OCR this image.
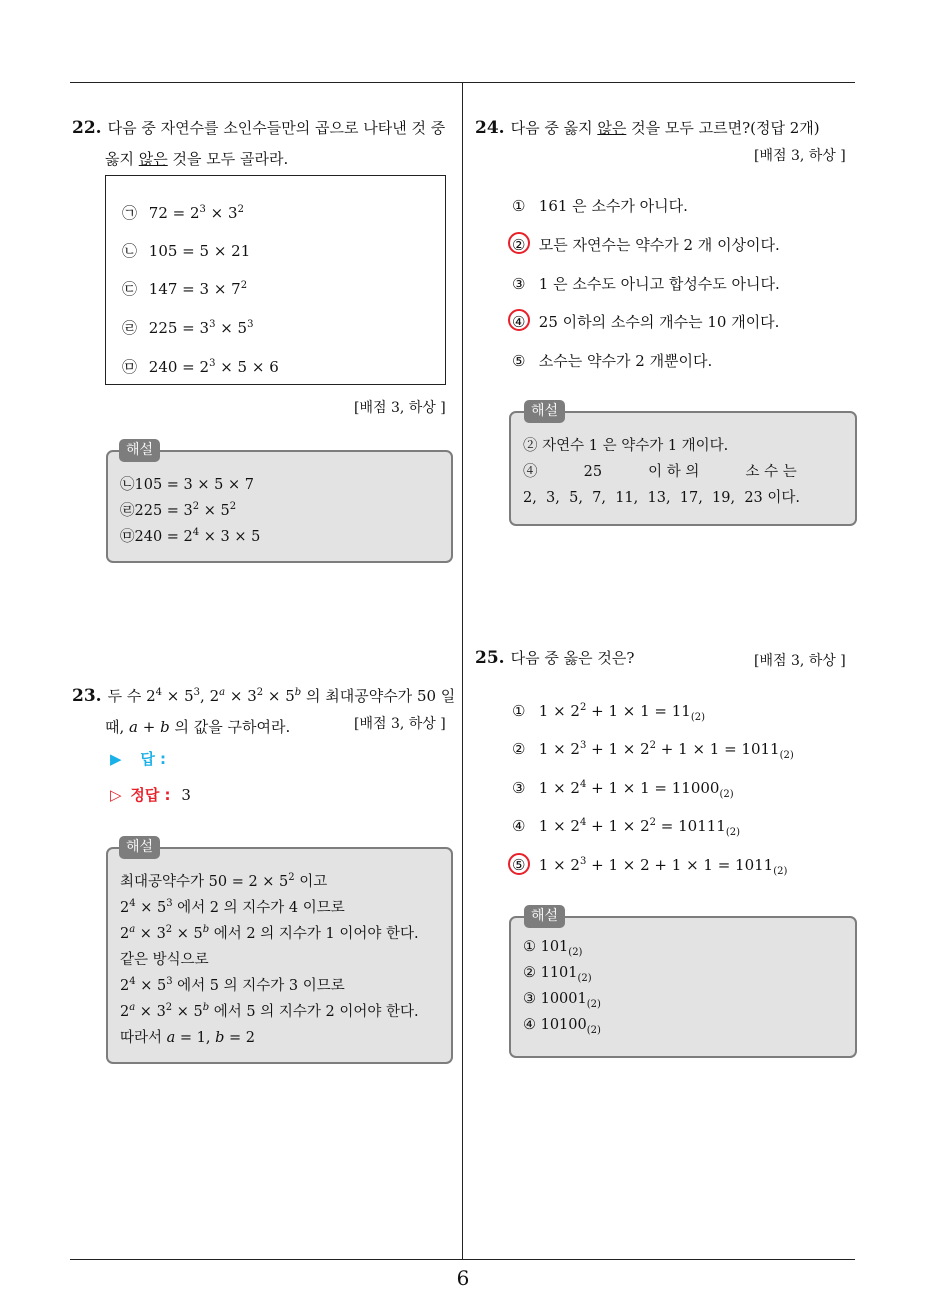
22. 다음 중 자연수를 소인수들만의 곱으로 나타낸 것 중
옳지 않은 것을 모두 골라라.
㉠ $72 = 2^3 \times 3^2$
㉡ 105 = 5 × 21
㉢ $147 = 3 \times 7^2$
㉣ $225 = 3^3 \times 5^3$
㉤ $240 = 2^3 \times 5 \times 6$
[배점 3, 하상 ]
㉡105 = 3 × 5 × 7
㉣225 = $3^2 \times 5^2$
㉤240 = $2^4 \times 3 \times 5$
해설
23. 두 수 $2^4 \times 5^3$, $2^a \times 3^2 \times 5^b$ 의 최대공약수가 50 일
때, a + b 의 값을 구하여라.	[배점 3, 하상 ]
▶ 답 :
▷ 정답 : 3
최대공약수가 $50 = 2 \times 5^2$ 이고
$2^4 \times 5^3$ 에서 2 의 지수가 4 이므로
$2^a \times 3^2 \times 5^b$ 에서 2 의 지수가 1 이어야 한다.
같은 방식으로
$2^4 \times 5^3$ 에서 5 의 지수가 3 이므로
$2^a \times 3^2 \times 5^b$ 에서 5 의 지수가 2 이어야 한다.
따라서 a = 1, b = 2
해설
24. 다음 중 옳지 않은 것을 모두 고르면?(정답 2개)
[배점 3, 하상 ]
① 161 은 소수가 아니다.
② 모든 자연수는 약수가 2 개 이상이다.
③ 1 은 소수도 아니고 합성수도 아니다.
④ 25 이하의 소수의 개수는 10 개이다.
⑤ 소수는 약수가 2 개뿐이다.
② 자연수 1 은 약수가 1 개이다.
④          25          이 하 의          소 수 는
2,  3,  5,  7,  11,  13,  17,  19,  23 이다.
해설
25. 다음 중 옳은 것은?	[배점 3, 하상 ]
① $1 \times 2^2 + 1 \times 1 = 11_{(2)}$
② $1 \times 2^3 + 1 \times 2^2 + 1 \times 1 = 1011_{(2)}$
③ $1 \times 2^4 + 1 \times 1 = 11000_{(2)}$
④ $1 \times 2^4 + 1 \times 2^2 = 10111_{(2)}$
⑤ $1 \times 2^3 + 1 \times 2 + 1 \times 1 = 1011_{(2)}$
① $101_{(2)}$
② $1101_{(2)}$
③ $10001_{(2)}$
④ $10100_{(2)}$
해설
6
